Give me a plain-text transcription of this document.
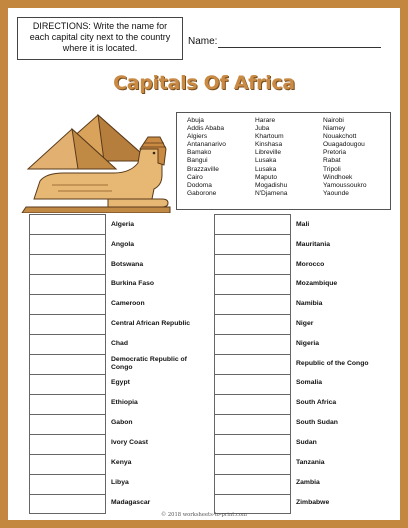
DIRECTIONS: Write the name for each capital city next to the country where it is located.
Name:
Capitals Of Africa
Abuja
Addis Ababa
Algiers
Antananarivo
Bamako
Bangui
Brazzaville
Cairo
Dodoma
Gaborone
Harare
Juba
Khartoum
Kinshasa
Libreville
Lusaka
Lusaka
Maputo
Mogadishu
N'Djamena
Nairobi
Niamey
Nouakchott
Ouagadougou
Pretoria
Rabat
Tripoli
Windhoek
Yamoussoukro
Yaounde
Algeria
Angola
Botswana
Burkina Faso
Cameroon
Central African Republic
Chad
Democratic Republic of Congo
Egypt
Ethiopia
Gabon
Ivory Coast
Kenya
Libya
Madagascar
Mali
Mauritania
Morocco
Mozambique
Namibia
Niger
Nigeria
Republic of the Congo
Somalia
South Africa
South Sudan
Sudan
Tanzania
Zambia
Zimbabwe
© 2018 worksheets-to-print.com
